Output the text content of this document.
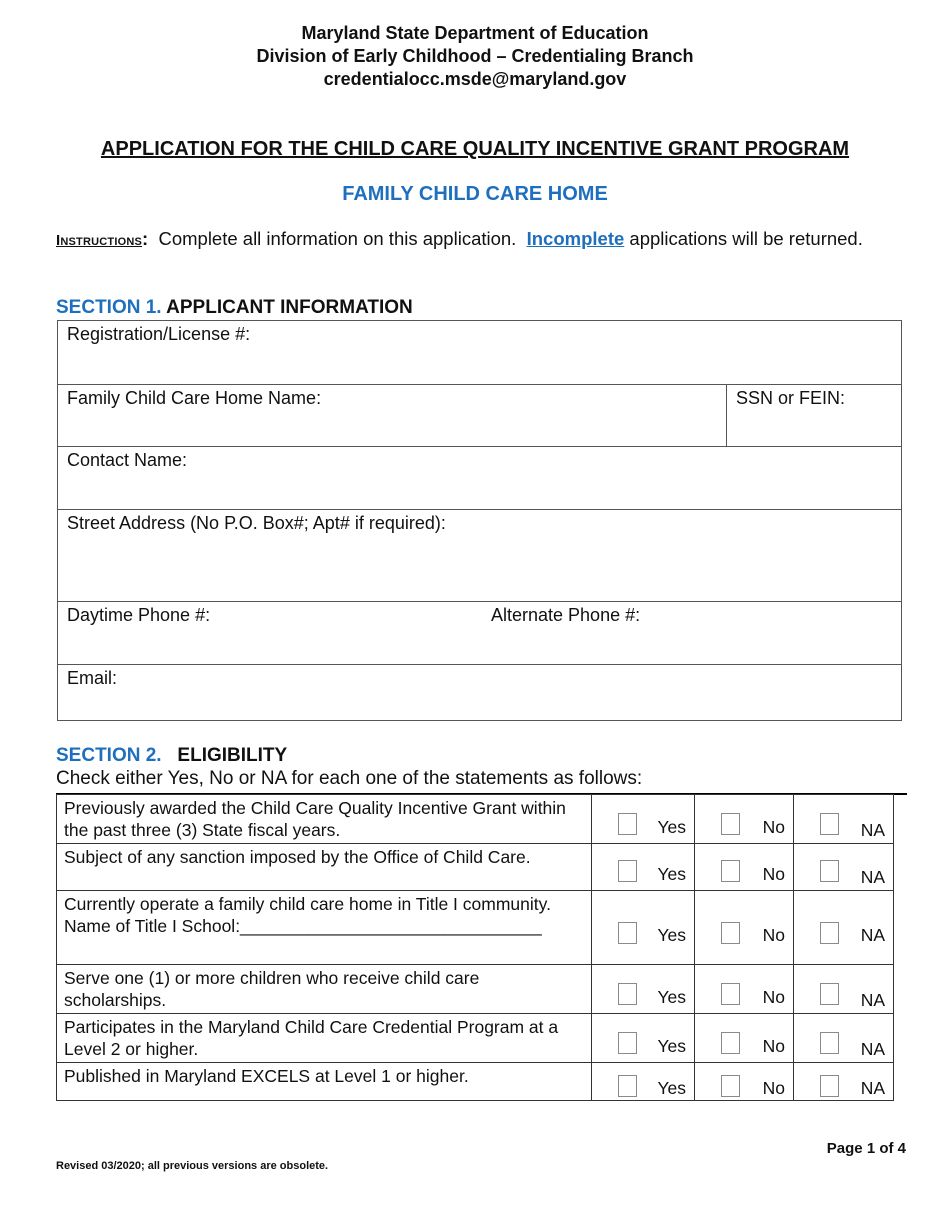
Maryland State Department of Education
Division of Early Childhood – Credentialing Branch
credentialocc.msde@maryland.gov
APPLICATION FOR THE CHILD CARE QUALITY INCENTIVE GRANT PROGRAM
FAMILY CHILD CARE HOME
Instructions:  Complete all information on this application.  Incomplete applications will be returned.
SECTION 1. APPLICANT INFORMATION
Registration/License #:
Family Child Care Home Name:	SSN or FEIN:
Contact Name:
Street Address (No P.O. Box#; Apt# if required):
Daytime Phone #:	Alternate Phone #:
Email:
SECTION 2.   ELIGIBILITY
Check either Yes, No or NA for each one of the statements as follows:
Previously awarded the Child Care Quality Incentive Grant within the past three (3) State fiscal years.	Yes	No	NA

Subject of any sanction imposed by the Office of Child Care.	Yes	No	NA

Currently operate a family child care home in Title I community.
Name of Title I School:_______________________________	Yes	No	NA

Serve one (1) or more children who receive child care scholarships.	Yes	No	NA

Participates in the Maryland Child Care Credential Program at a Level 2 or higher.	Yes	No	NA

Published in Maryland EXCELS at Level 1 or higher.	Yes	No	NA
Page 1 of 4
Revised 03/2020; all previous versions are obsolete.
